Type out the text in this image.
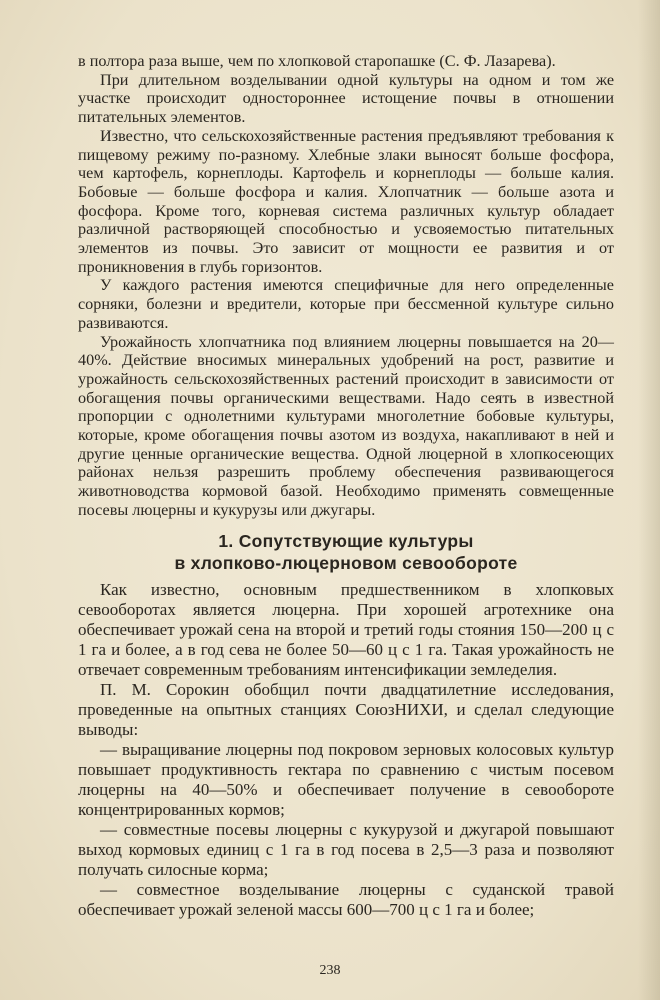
в полтора раза выше, чем по хлопковой старопашке (С. Ф. Лазарева).

При длительном возделывании одной культуры на одном и том же участке происходит одностороннее истощение почвы в отношении питательных элементов.

Известно, что сельскохозяйственные растения предъявляют требования к пищевому режиму по-разному. Хлебные злаки выносят больше фосфора, чем картофель, корнеплоды. Картофель и корнеплоды — больше калия. Бобовые — больше фосфора и калия. Хлопчатник — больше азота и фосфора. Кроме того, корневая система различных культур обладает различной растворяющей способностью и усвояемостью питательных элементов из почвы. Это зависит от мощности ее развития и от проникновения в глубь горизонтов.

У каждого растения имеются специфичные для него определенные сорняки, болезни и вредители, которые при бессменной культуре сильно развиваются.

Урожайность хлопчатника под влиянием люцерны повышается на 20—40%. Действие вносимых минеральных удобрений на рост, развитие и урожайность сельскохозяйственных растений происходит в зависимости от обогащения почвы органическими веществами. Надо сеять в известной пропорции с однолетними культурами многолетние бобовые культуры, которые, кроме обогащения почвы азотом из воздуха, накапливают в ней и другие ценные органические вещества. Одной люцерной в хлопкосеющих районах нельзя разрешить проблему обеспечения развивающегося животноводства кормовой базой. Необходимо применять совмещенные посевы люцерны и кукурузы или джугары.

1. Сопутствующие культуры
в хлопково-люцерновом севообороте

Как известно, основным предшественником в хлопковых севооборотах является люцерна. При хорошей агротехнике она обеспечивает урожай сена на второй и третий годы стояния 150—200 ц с 1 га и более, а в год сева не более 50—60 ц с 1 га. Такая урожайность не отвечает современным требованиям интенсификации земледелия.

П. М. Сорокин обобщил почти двадцатилетние исследования, проведенные на опытных станциях СоюзНИХИ, и сделал следующие выводы:

— выращивание люцерны под покровом зерновых колосовых культур повышает продуктивность гектара по сравнению с чистым посевом люцерны на 40—50% и обеспечивает получение в севообороте концентрированных кормов;

— совместные посевы люцерны с кукурузой и джугарой повышают выход кормовых единиц с 1 га в год посева в 2,5—3 раза и позволяют получать силосные корма;

— совместное возделывание люцерны с суданской травой обеспечивает урожай зеленой массы 600—700 ц с 1 га и более;

238
